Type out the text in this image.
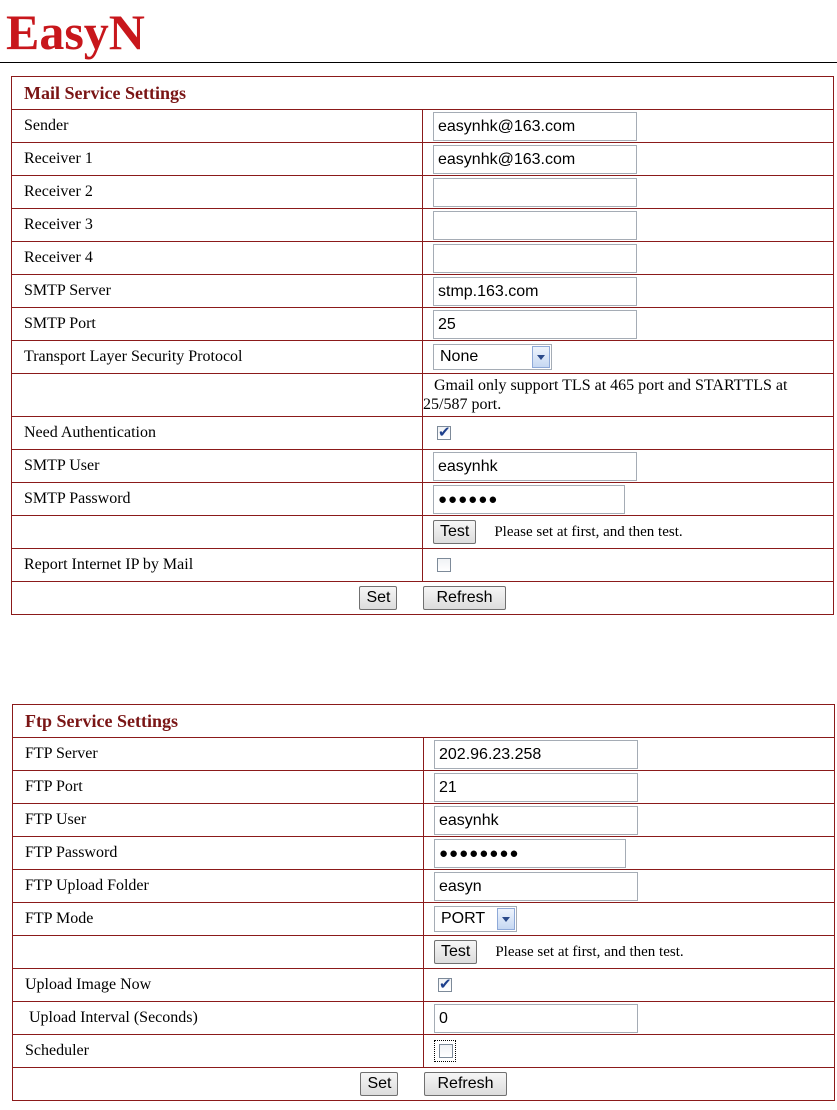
EasyN
Mail Service Settings	
Sender	easynhk@163.com
Receiver 1	easynhk@163.com
Receiver 2	
Receiver 3	
Receiver 4	
SMTP Server	stmp.163.com
SMTP Port	25
Transport Layer Security Protocol	None

	Gmail only support TLS at 465 port and STARTTLS at 25/587 port.
Need Authentication	✔
SMTP User	easynhk
SMTP Password	●●●●●●
	Test Please set at first, and then test.
Report Internet IP by Mail	
Set Refresh	
Ftp Service Settings	
FTP Server	202.96.23.258
FTP Port	21
FTP User	easynhk
FTP Password	●●●●●●●●
FTP Upload Folder	easyn
FTP Mode	PORT

	Test Please set at first, and then test.
Upload Image Now	✔
Upload Interval (Seconds)	0
Scheduler	
Set Refresh	
